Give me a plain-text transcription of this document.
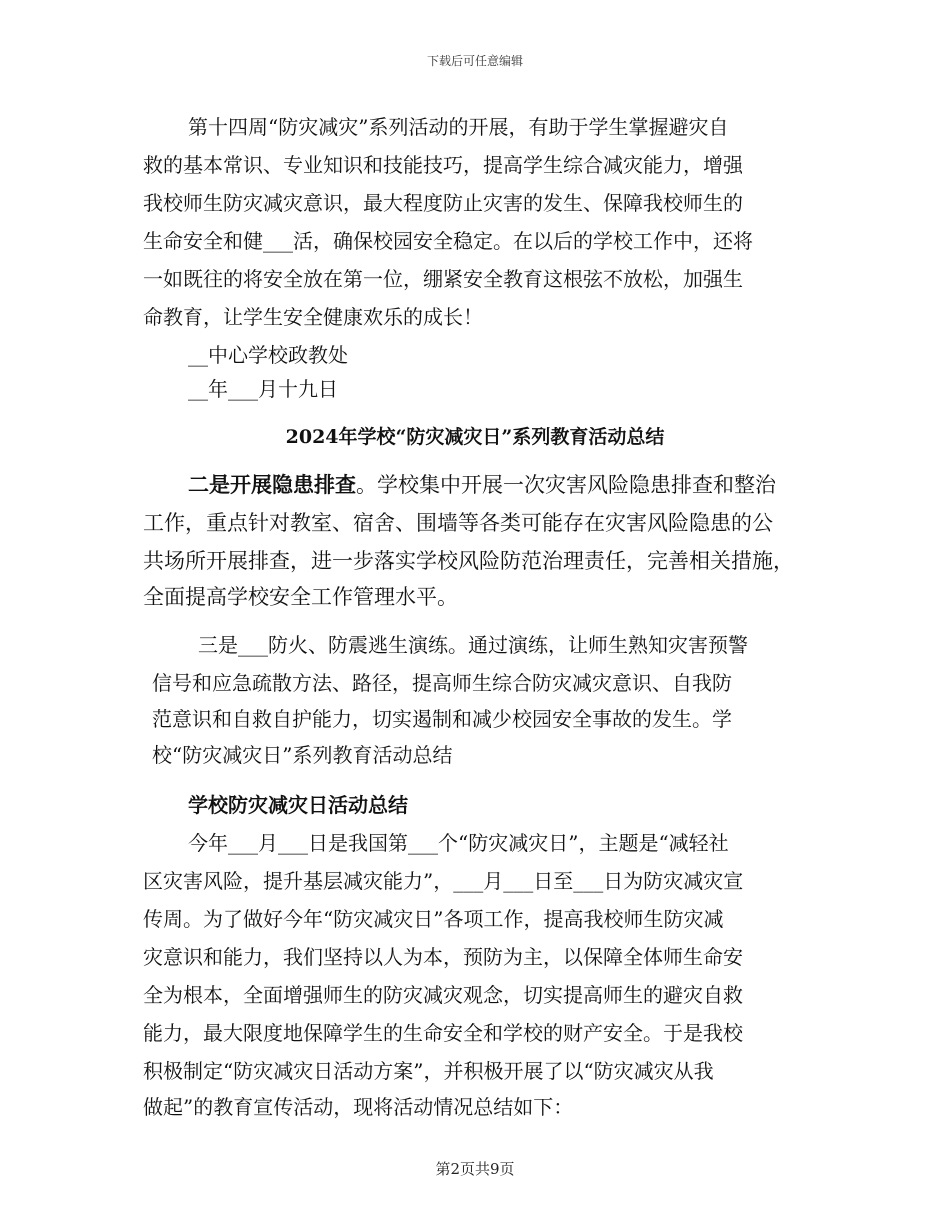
下载后可任意编辑
第十四周“防灾减灾”系列活动的开展，有助于学生掌握避灾自
救的基本常识、专业知识和技能技巧，提高学生综合减灾能力，增强
我校师生防灾减灾意识，最大程度防止灾害的发生、保障我校师生的
生命安全和健___活，确保校园安全稳定。在以后的学校工作中，还将
一如既往的将安全放在第一位，绷紧安全教育这根弦不放松，加强生
命教育，让学生安全健康欢乐的成长！
__中心学校政教处
__年___月十九日
2024年学校“防灾减灾日”系列教育活动总结
二是开展隐患排查。学校集中开展一次灾害风险隐患排查和整治
工作，重点针对教室、宿舍、围墙等各类可能存在灾害风险隐患的公
共场所开展排查，进一步落实学校风险防范治理责任，完善相关措施，
全面提高学校安全工作管理水平。
三是___防火、防震逃生演练。通过演练，让师生熟知灾害预警
信号和应急疏散方法、路径，提高师生综合防灾减灾意识、自我防
范意识和自救自护能力，切实遏制和减少校园安全事故的发生。学
校“防灾减灾日”系列教育活动总结
学校防灾减灾日活动总结
今年___月___日是我国第___个“防灾减灾日”，主题是“减轻社
区灾害风险，提升基层减灾能力”，___月___日至___日为防灾减灾宣
传周。为了做好今年“防灾减灾日”各项工作，提高我校师生防灾减
灾意识和能力，我们坚持以人为本，预防为主，以保障全体师生命安
全为根本，全面增强师生的防灾减灾观念，切实提高师生的避灾自救
能力，最大限度地保障学生的生命安全和学校的财产安全。于是我校
积极制定“防灾减灾日活动方案”，并积极开展了以“防灾减灾从我
做起”的教育宣传活动，现将活动情况总结如下：
第2页共9页
